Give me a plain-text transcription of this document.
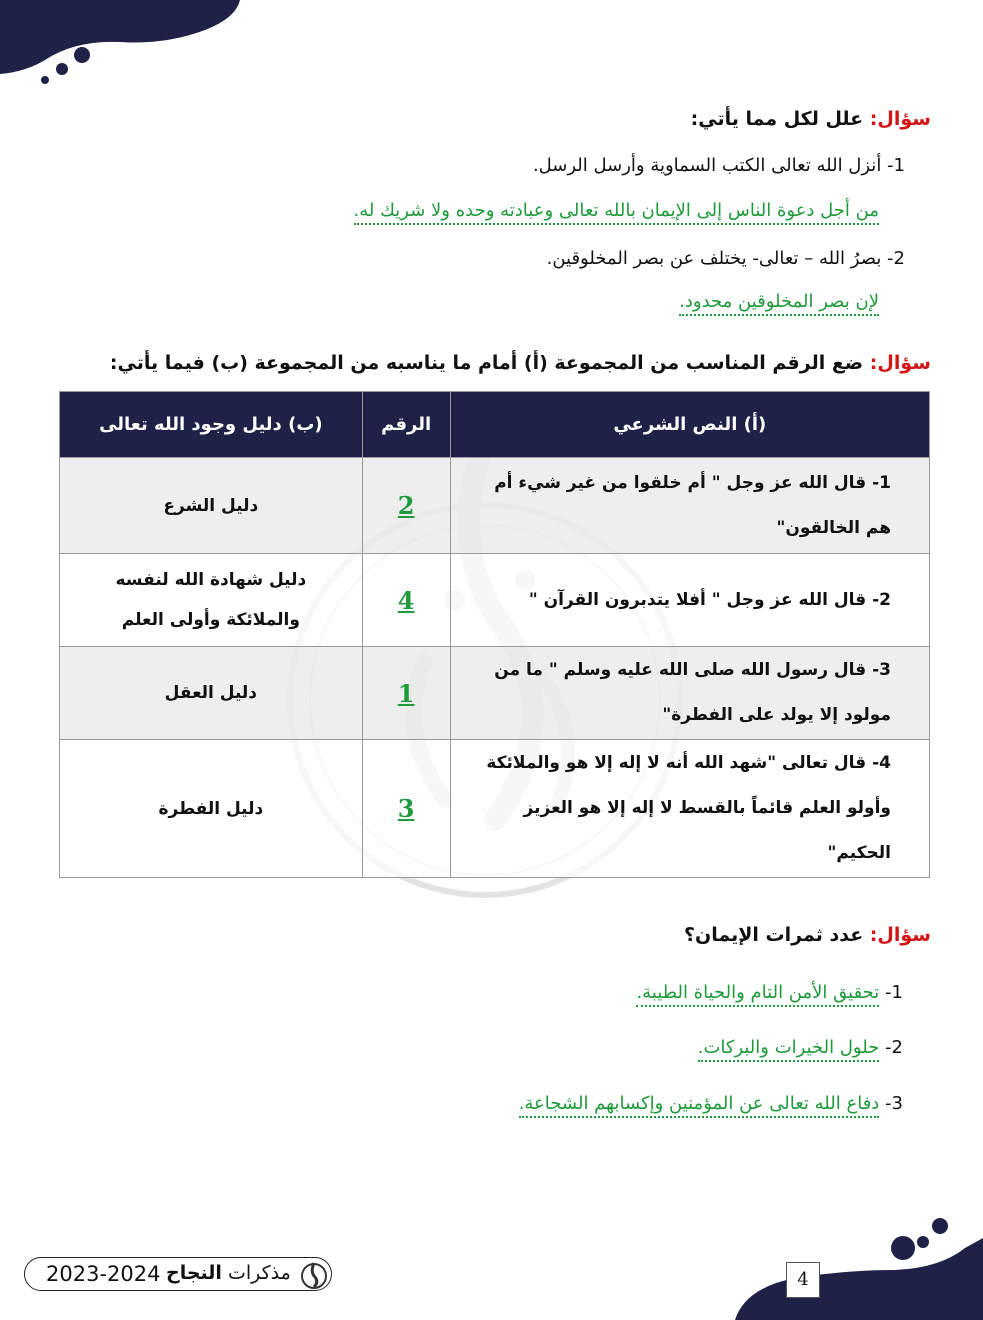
سؤال: علل لكل مما يأتي:
1- أنزل الله تعالى الكتب السماوية وأرسل الرسل.
من أجل دعوة الناس إلى الإيمان بالله تعالى وعبادته وحده ولا شريك له.
2- بصرُ الله – تعالى- يختلف عن بصر المخلوقين.
لإن بصر المخلوقين محدود.
سؤال: ضع الرقم المناسب من المجموعة (أ) أمام ما يناسبه من المجموعة (ب) فيما يأتي:
(أ) النص الشرعي	الرقم	(ب) دليل وجود الله تعالى
1- قال الله عز وجل " أم خلقوا من غير شيء أم هم الخالقون"	2	دليل الشرع
2- قال الله عز وجل " أفلا يتدبرون القرآن "	4	دليل شهادة الله لنفسه والملائكة وأولى العلم
3- قال رسول الله صلى الله عليه وسلم " ما من مولود إلا يولد على الفطرة"	1	دليل العقل
4- قال تعالى "شهد الله أنه لا إله إلا هو والملائكة وأولو العلم قائماً بالقسط لا إله إلا هو العزيز الحكيم"	3	دليل الفطرة
سؤال: عدد ثمرات الإيمان؟
1- تحقيق الأمن التام والحياة الطيبة.
2- حلول الخيرات والبركات.
3- دفاع الله تعالى عن المؤمنين وإكسابهم الشجاعة.
2023-2024	مذكرات النجاح	4
